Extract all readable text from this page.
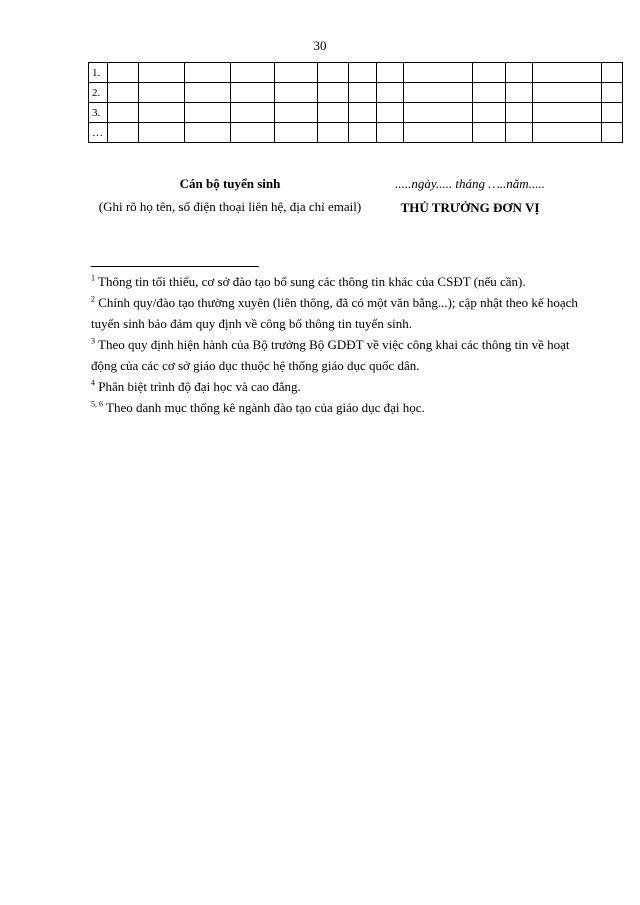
30
1.													
2.													
3.													
…													
Cán bộ tuyển sinh
(Ghi rõ họ tên, số điện thoại liên hệ, địa chỉ email)
.....ngày..... tháng …..năm.....
THỦ TRƯỞNG ĐƠN VỊ

$^1$ Thông tin tối thiểu, cơ sở đào tạo bổ sung các thông tin khác của CSĐT (nếu cần).

$^2$ Chính quy/đào tạo thường xuyên (liên thông, đã có một văn bằng...); cập nhật theo kế hoạch tuyển sinh bảo đảm quy định về công bố thông tin tuyển sinh.

$^3$ Theo quy định hiện hành của Bộ trưởng Bộ GDĐT về việc công khai các thông tin về hoạt động của các cơ sở giáo dục thuộc hệ thống giáo dục quốc dân.

$^4$ Phân biệt trình độ đại học và cao đẳng.

$^{5, 6}$ Theo danh mục thống kê ngành đào tạo của giáo dục đại học.
